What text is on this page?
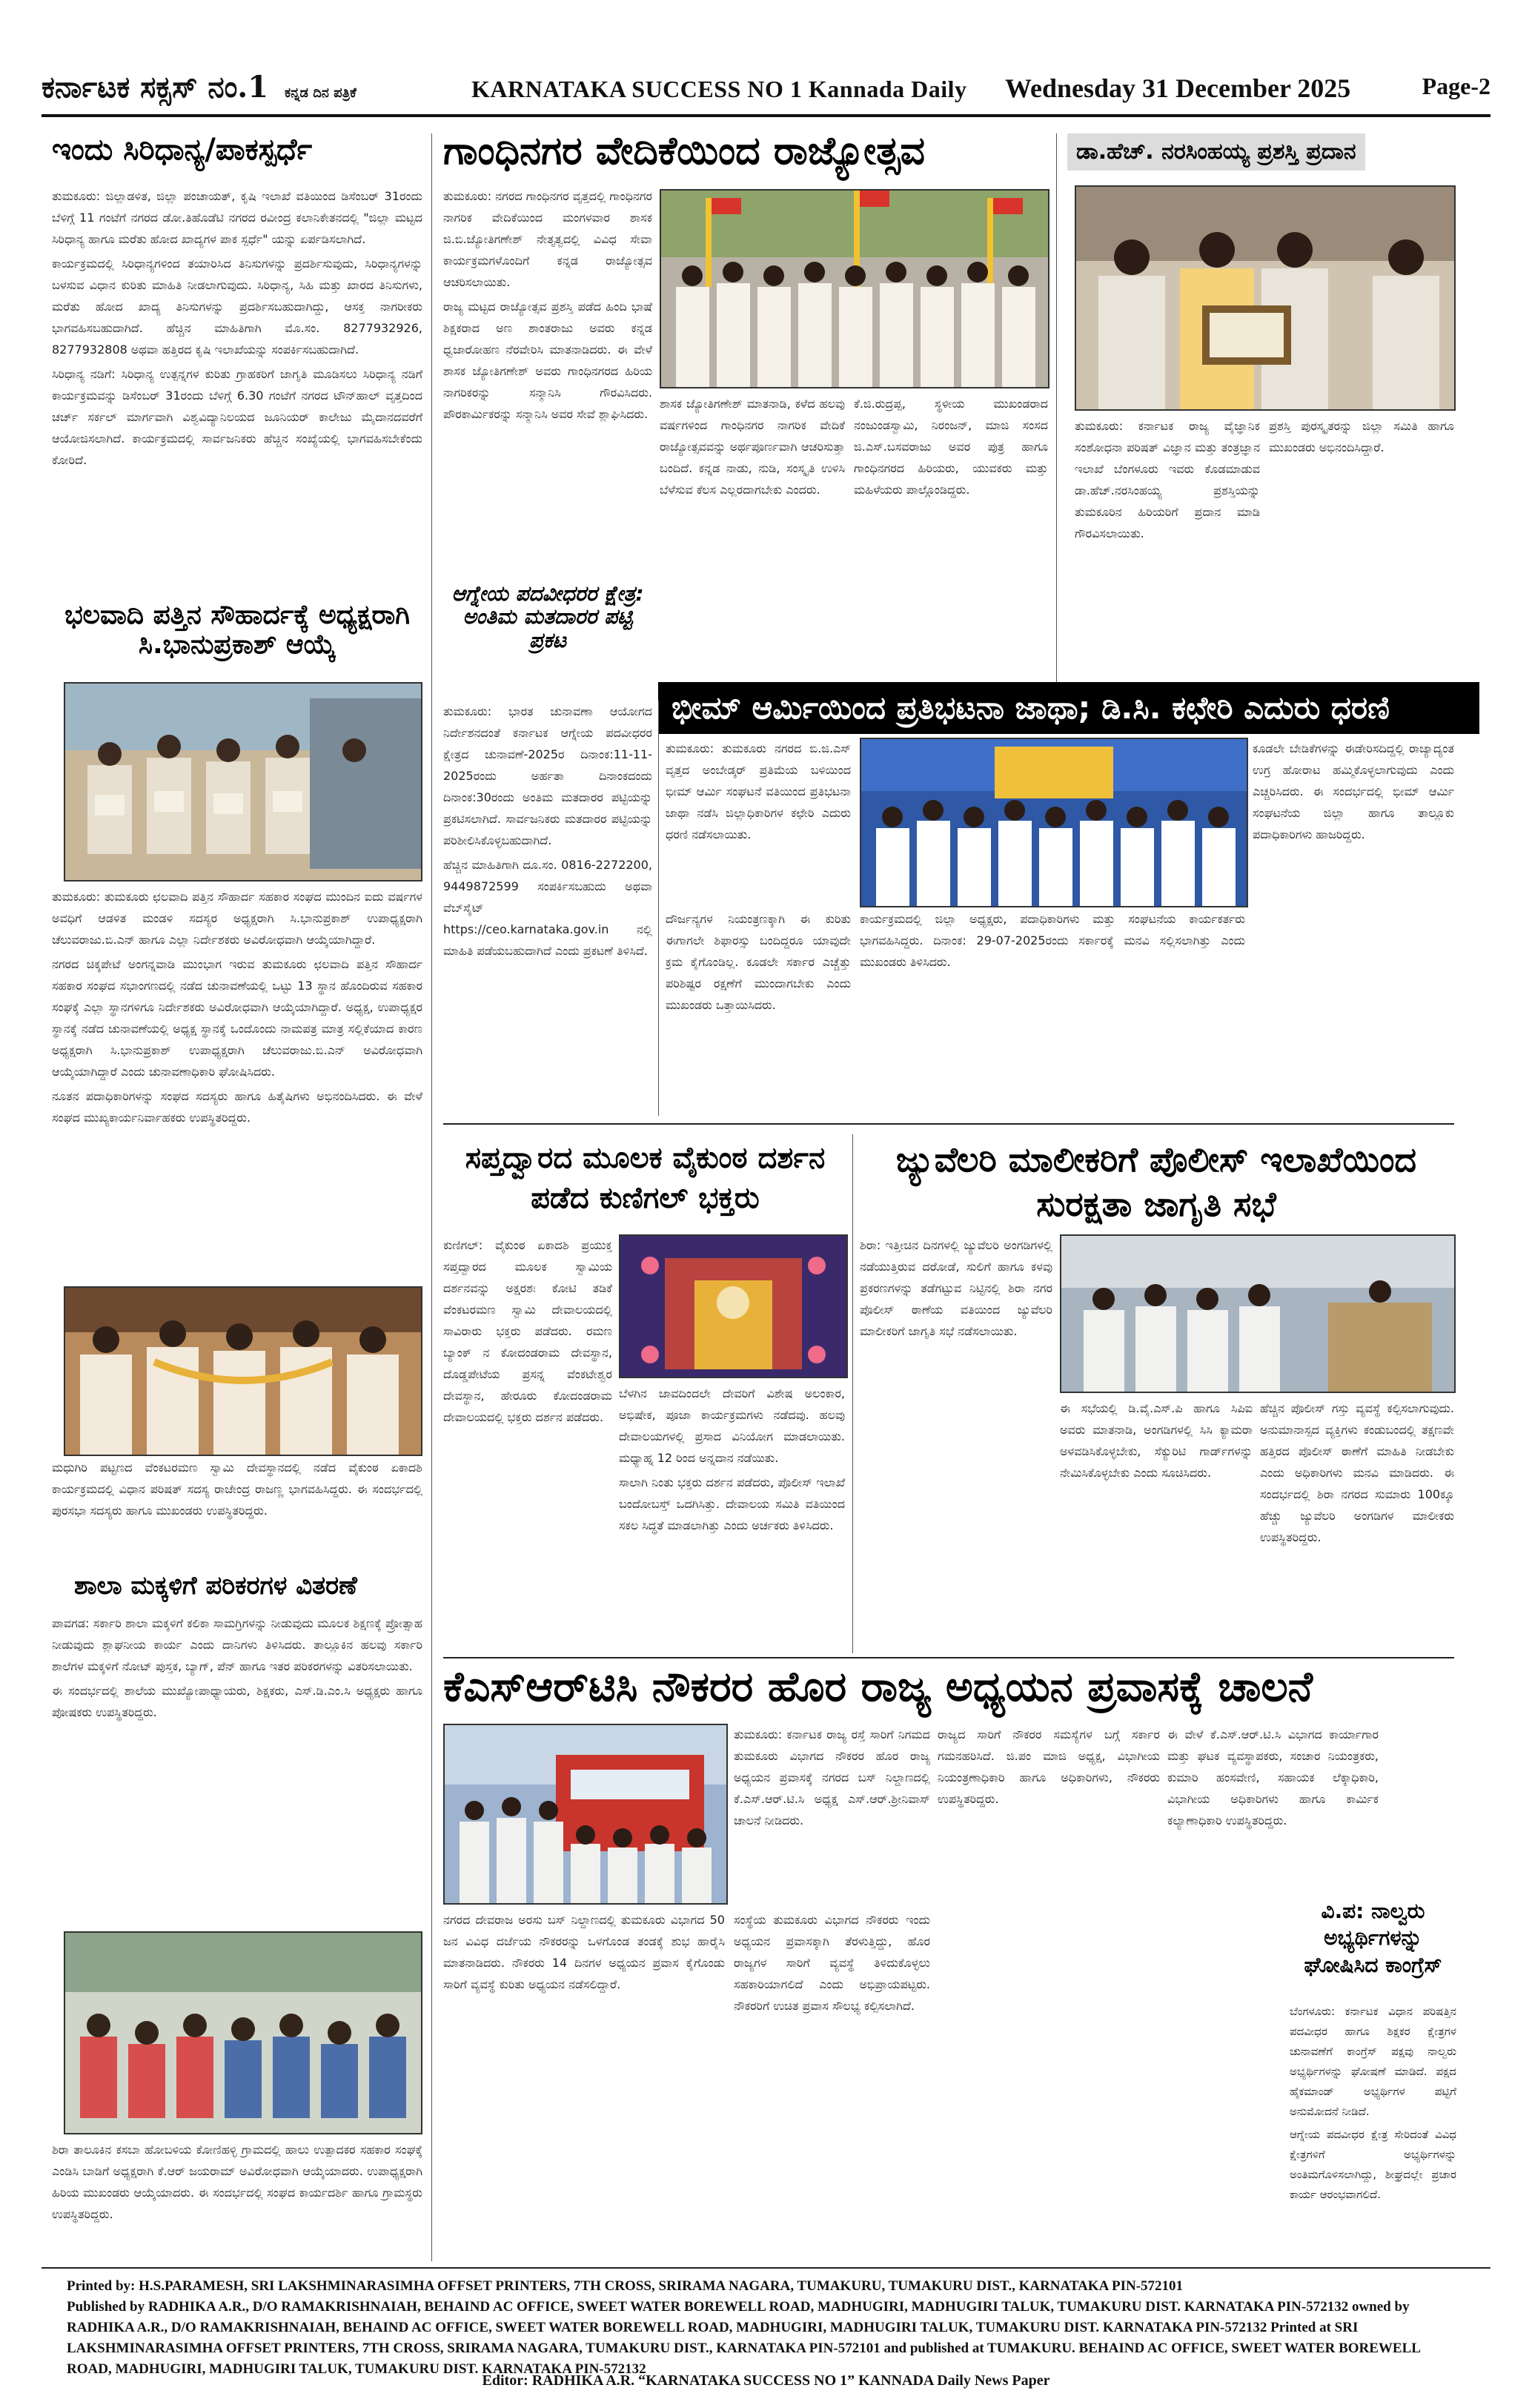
ಕರ್ನಾಟಕ ಸಕ್ಸಸ್ ನಂ.1 ಕನ್ನಡ ದಿನ ಪತ್ರಿಕೆ	KARNATAKA SUCCESS NO 1 Kannada Daily Wednesday 31 December 2025	Page-2
ಇಂದು ಸಿರಿಧಾನ್ಯ/ಪಾಕಸ್ಪರ್ಧೆ

ತುಮಕೂರು: ಜಿಲ್ಲಾಡಳಿತ, ಜಿಲ್ಲಾ ಪಂಚಾಯತ್, ಕೃಷಿ ಇಲಾಖೆ ವತಿಯಿಂದ ಡಿಸೆಂಬರ್ 31ರಂದು ಬೆಳಿಗ್ಗೆ 11 ಗಂಟೆಗೆ ನಗರದ ಡೋ.ತಿಹೊಡೆಟಿ ನಗರದ ರವೀಂದ್ರ ಕಲಾನಿಕೇತನದಲ್ಲಿ "ಜಿಲ್ಲಾ ಮಟ್ಟದ ಸಿರಿಧಾನ್ಯ ಹಾಗೂ ಮರೆತು ಹೋದ ಖಾದ್ಯಗಳ ಪಾಕ ಸ್ಪರ್ಧೆ" ಯನ್ನು ಏರ್ಪಡಿಸಲಾಗಿದೆ.

ಕಾರ್ಯಕ್ರಮದಲ್ಲಿ ಸಿರಿಧಾನ್ಯಗಳಿಂದ ತಯಾರಿಸಿದ ತಿನಿಸುಗಳನ್ನು ಪ್ರದರ್ಶಿಸುವುದು, ಸಿರಿಧಾನ್ಯಗಳನ್ನು ಬಳಸುವ ವಿಧಾನ ಕುರಿತು ಮಾಹಿತಿ ನೀಡಲಾಗುವುದು. ಸಿರಿಧಾನ್ಯ, ಸಿಹಿ ಮತ್ತು ಖಾರದ ತಿನಿಸುಗಳು, ಮರೆತು ಹೋದ ಖಾದ್ಯ ತಿನಿಸುಗಳನ್ನು ಪ್ರದರ್ಶಿಸಬಹುದಾಗಿದ್ದು, ಆಸಕ್ತ ನಾಗರೀಕರು ಭಾಗವಹಿಸಬಹುದಾಗಿದೆ. ಹೆಚ್ಚಿನ ಮಾಹಿತಿಗಾಗಿ ಮೊ.ಸಂ. 8277932926, 8277932808 ಅಥವಾ ಹತ್ತಿರದ ಕೃಷಿ ಇಲಾಖೆಯನ್ನು ಸಂಪರ್ಕಿಸಬಹುದಾಗಿದೆ.

ಸಿರಿಧಾನ್ಯ ನಡಿಗೆ: ಸಿರಿಧಾನ್ಯ ಉತ್ಪನ್ನಗಳ ಕುರಿತು ಗ್ರಾಹಕರಿಗೆ ಜಾಗೃತಿ ಮೂಡಿಸಲು ಸಿರಿಧಾನ್ಯ ನಡಿಗೆ ಕಾರ್ಯಕ್ರಮವನ್ನು ಡಿಸೆಂಬರ್ 31ರಂದು ಬೆಳಿಗ್ಗೆ 6.30 ಗಂಟೆಗೆ ನಗರದ ಟೌನ್‌ಹಾಲ್ ವೃತ್ತದಿಂದ ಚರ್ಚ್ ಸರ್ಕಲ್ ಮಾರ್ಗವಾಗಿ ವಿಶ್ವವಿದ್ಯಾನಿಲಯದ ಜೂನಿಯರ್ ಕಾಲೇಜು ಮೈದಾನದವರೆಗೆ ಆಯೋಜಿಸಲಾಗಿದೆ. ಕಾರ್ಯಕ್ರಮದಲ್ಲಿ ಸಾರ್ವಜನಿಕರು ಹೆಚ್ಚಿನ ಸಂಖ್ಯೆಯಲ್ಲಿ ಭಾಗವಹಿಸಬೇಕೆಂದು ಕೋರಿದೆ.

ಭಲವಾದಿ ಪತ್ತಿನ ಸೌಹಾರ್ದಕ್ಕೆ ಅಧ್ಯಕ್ಷರಾಗಿ ಸಿ.ಭಾನುಪ್ರಕಾಶ್ ಆಯ್ಕೆ

ತುಮಕೂರು: ತುಮಕೂರು ಛಲವಾದಿ ಪತ್ತಿನ ಸೌಹಾರ್ದ ಸಹಕಾರ ಸಂಘದ ಮುಂದಿನ ಐದು ವರ್ಷಗಳ ಅವಧಿಗೆ ಆಡಳಿತ ಮಂಡಳಿ ಸದಸ್ಯರ ಅಧ್ಯಕ್ಷರಾಗಿ ಸಿ.ಭಾನುಪ್ರಕಾಶ್ ಉಪಾಧ್ಯಕ್ಷರಾಗಿ ಚೆಲುವರಾಜು.ಬಿ.ಎನ್ ಹಾಗೂ ಎಲ್ಲಾ ನಿರ್ದೇಶಕರು ಅವಿರೋಧವಾಗಿ ಆಯ್ಕೆಯಾಗಿದ್ದಾರೆ.

ನಗರದ ಚಿಕ್ಕಪೇಟೆ ಅಂಗನ್ನವಾಡಿ ಮುಂಭಾಗ ಇರುವ ತುಮಕೂರು ಛಲವಾದಿ ಪತ್ತಿನ ಸೌಹಾರ್ದ ಸಹಕಾರ ಸಂಘದ ಸಭಾಂಗಣದಲ್ಲಿ ನಡೆದ ಚುನಾವಣೆಯಲ್ಲಿ ಒಟ್ಟು 13 ಸ್ಥಾನ ಹೊಂದಿರುವ ಸಹಕಾರ ಸಂಘಕ್ಕೆ ಎಲ್ಲಾ ಸ್ಥಾನಗಳಿಗೂ ನಿರ್ದೇಶಕರು ಅವಿರೋಧವಾಗಿ ಆಯ್ಕೆಯಾಗಿದ್ದಾರೆ. ಅಧ್ಯಕ್ಷ, ಉಪಾಧ್ಯಕ್ಷರ ಸ್ಥಾನಕ್ಕೆ ನಡೆದ ಚುನಾವಣೆಯಲ್ಲಿ ಅಧ್ಯಕ್ಷ ಸ್ಥಾನಕ್ಕೆ ಒಂದೊಂದು ನಾಮಪತ್ರ ಮಾತ್ರ ಸಲ್ಲಿಕೆಯಾದ ಕಾರಣ ಅಧ್ಯಕ್ಷರಾಗಿ ಸಿ.ಭಾನುಪ್ರಕಾಶ್ ಉಪಾಧ್ಯಕ್ಷರಾಗಿ ಚೆಲುವರಾಜು.ಬಿ.ಎನ್ ಅವಿರೋಧವಾಗಿ ಆಯ್ಕೆಯಾಗಿದ್ದಾರೆ ಎಂದು ಚುನಾವಣಾಧಿಕಾರಿ ಘೋಷಿಸಿದರು.

ನೂತನ ಪದಾಧಿಕಾರಿಗಳನ್ನು ಸಂಘದ ಸದಸ್ಯರು ಹಾಗೂ ಹಿತೈಷಿಗಳು ಅಭಿನಂದಿಸಿದರು. ಈ ವೇಳೆ ಸಂಘದ ಮುಖ್ಯಕಾರ್ಯನಿರ್ವಾಹಕರು ಉಪಸ್ಥಿತರಿದ್ದರು.

ಮಧುಗಿರಿ ಪಟ್ಟಣದ ವೆಂಕಟರಮಣ ಸ್ವಾಮಿ ದೇವಸ್ಥಾನದಲ್ಲಿ ನಡೆದ ವೈಕುಂಠ ಏಕಾದಶಿ ಕಾರ್ಯಕ್ರಮದಲ್ಲಿ ವಿಧಾನ ಪರಿಷತ್ ಸದಸ್ಯ ರಾಜೇಂದ್ರ ರಾಜಣ್ಣ ಭಾಗವಹಿಸಿದ್ದರು. ಈ ಸಂದರ್ಭದಲ್ಲಿ ಪುರಸಭಾ ಸದಸ್ಯರು ಹಾಗೂ ಮುಖಂಡರು ಉಪಸ್ಥಿತರಿದ್ದರು.

ಶಾಲಾ ಮಕ್ಕಳಿಗೆ ಪರಿಕರಗಳ ವಿತರಣೆ

ಪಾವಗಡ: ಸರ್ಕಾರಿ ಶಾಲಾ ಮಕ್ಕಳಿಗೆ ಕಲಿಕಾ ಸಾಮಗ್ರಿಗಳನ್ನು ನೀಡುವುದು ಮೂಲಕ ಶಿಕ್ಷಣಕ್ಕೆ ಪ್ರೋತ್ಸಾಹ ನೀಡುವುದು ಶ್ಲಾಘನೀಯ ಕಾರ್ಯ ಎಂದು ದಾನಿಗಳು ತಿಳಿಸಿದರು. ತಾಲ್ಲೂಕಿನ ಹಲವು ಸರ್ಕಾರಿ ಶಾಲೆಗಳ ಮಕ್ಕಳಿಗೆ ನೋಟ್ ಪುಸ್ತಕ, ಬ್ಯಾಗ್, ಪೆನ್ ಹಾಗೂ ಇತರ ಪರಿಕರಗಳನ್ನು ವಿತರಿಸಲಾಯಿತು.

ಈ ಸಂದರ್ಭದಲ್ಲಿ ಶಾಲೆಯ ಮುಖ್ಯೋಪಾಧ್ಯಾಯರು, ಶಿಕ್ಷಕರು, ಎಸ್.ಡಿ.ಎಂ.ಸಿ ಅಧ್ಯಕ್ಷರು ಹಾಗೂ ಪೋಷಕರು ಉಪಸ್ಥಿತರಿದ್ದರು.

ಶಿರಾ ತಾಲೂಕಿನ ಕಸಬಾ ಹೋಬಳಿಯ ಕೋಣಿಹಳ್ಳಿ ಗ್ರಾಮದಲ್ಲಿ ಹಾಲು ಉತ್ಪಾದಕರ ಸಹಕಾರ ಸಂಘಕ್ಕೆ ಎಂಡಿಸಿ ಬಾಡಿಗೆ ಅಧ್ಯಕ್ಷರಾಗಿ ಕೆ.ಆರ್ ಜಯರಾಮ್ ಅವಿರೋಧವಾಗಿ ಆಯ್ಕೆಯಾದರು. ಉಪಾಧ್ಯಕ್ಷರಾಗಿ ಹಿರಿಯ ಮುಖಂಡರು ಆಯ್ಕೆಯಾದರು. ಈ ಸಂದರ್ಭದಲ್ಲಿ ಸಂಘದ ಕಾರ್ಯದರ್ಶಿ ಹಾಗೂ ಗ್ರಾಮಸ್ಥರು ಉಪಸ್ಥಿತರಿದ್ದರು.

ಗಾಂಧಿನಗರ ವೇದಿಕೆಯಿಂದ ರಾಜ್ಯೋತ್ಸವ

ತುಮಕೂರು: ನಗರದ ಗಾಂಧಿನಗರ ವೃತ್ತದಲ್ಲಿ ಗಾಂಧಿನಗರ ನಾಗರಿಕ ವೇದಿಕೆಯಿಂದ ಮಂಗಳವಾರ ಶಾಸಕ ಜಿ.ಬಿ.ಜ್ಯೋತಿಗಣೇಶ್ ನೇತೃತ್ವದಲ್ಲಿ ವಿವಿಧ ಸೇವಾ ಕಾರ್ಯಕ್ರಮಗಳೊಂದಿಗೆ ಕನ್ನಡ ರಾಜ್ಯೋತ್ಸವ ಆಚರಿಸಲಾಯಿತು.

ರಾಜ್ಯ ಮಟ್ಟದ ರಾಜ್ಯೋತ್ಸವ ಪ್ರಶಸ್ತಿ ಪಡೆದ ಹಿಂದಿ ಭಾಷೆ ಶಿಕ್ಷಕರಾದ ಅಣ ಶಾಂತರಾಜು ಅವರು ಕನ್ನಡ ಧ್ವಜಾರೋಹಣ ನೆರವೇರಿಸಿ ಮಾತನಾಡಿದರು. ಈ ವೇಳೆ ಶಾಸಕ ಜ್ಯೋತಿಗಣೇಶ್ ಅವರು ಗಾಂಧಿನಗರದ ಹಿರಿಯ ನಾಗರಿಕರನ್ನು ಸನ್ಮಾನಿಸಿ ಗೌರವಿಸಿದರು. ಪೌರಕಾರ್ಮಿಕರನ್ನು ಸನ್ಮಾನಿಸಿ ಅವರ ಸೇವೆ ಶ್ಲಾಘಿಸಿದರು.

ಶಾಸಕ ಜ್ಯೋತಿಗಣೇಶ್ ಮಾತನಾಡಿ, ಕಳೆದ ಹಲವು ವರ್ಷಗಳಿಂದ ಗಾಂಧಿನಗರ ನಾಗರಿಕ ವೇದಿಕೆ ರಾಜ್ಯೋತ್ಸವವನ್ನು ಅರ್ಥಪೂರ್ಣವಾಗಿ ಆಚರಿಸುತ್ತಾ ಬಂದಿದೆ. ಕನ್ನಡ ನಾಡು, ನುಡಿ, ಸಂಸ್ಕೃತಿ ಉಳಿಸಿ ಬೆಳೆಸುವ ಕೆಲಸ ಎಲ್ಲರದಾಗಬೇಕು ಎಂದರು.

ಕೆ.ಜಿ.ರುದ್ರಪ್ಪ, ಸ್ಥಳೀಯ ಮುಖಂಡರಾದ ನಂಜುಂಡಸ್ವಾಮಿ, ನಿರಂಜನ್, ಮಾಜಿ ಸಂಸದ ಜಿ.ಎಸ್.ಬಸವರಾಜು ಅವರ ಪುತ್ರ ಹಾಗೂ ಗಾಂಧಿನಗರದ ಹಿರಿಯರು, ಯುವಕರು ಮತ್ತು ಮಹಿಳೆಯರು ಪಾಲ್ಗೊಂಡಿದ್ದರು.

ಆಗ್ನೇಯ ಪದವೀಧರರ ಕ್ಷೇತ್ರ: ಅಂತಿಮ ಮತದಾರರ ಪಟ್ಟಿ ಪ್ರಕಟ

ತುಮಕೂರು: ಭಾರತ ಚುನಾವಣಾ ಆಯೋಗದ ನಿರ್ದೇಶನದಂತೆ ಕರ್ನಾಟಕ ಆಗ್ನೇಯ ಪದವೀಧರರ ಕ್ಷೇತ್ರದ ಚುನಾವಣೆ-2025ರ ದಿನಾಂಕ:11-11-2025ರಂದು ಅರ್ಹತಾ ದಿನಾಂಕದಂದು ದಿನಾಂಕ:30ರಂದು ಅಂತಿಮ ಮತದಾರರ ಪಟ್ಟಿಯನ್ನು ಪ್ರಕಟಿಸಲಾಗಿದೆ. ಸಾರ್ವಜನಿಕರು ಮತದಾರರ ಪಟ್ಟಿಯನ್ನು ಪರಿಶೀಲಿಸಿಕೊಳ್ಳಬಹುದಾಗಿದೆ.

ಹೆಚ್ಚಿನ ಮಾಹಿತಿಗಾಗಿ ದೂ.ಸಂ. 0816-2272200, 9449872599 ಸಂಪರ್ಕಿಸಬಹುದು ಅಥವಾ ವೆಬ್‌ಸೈಟ್ https://ceo.karnataka.gov.in ನಲ್ಲಿ ಮಾಹಿತಿ ಪಡೆಯಬಹುದಾಗಿದೆ ಎಂದು ಪ್ರಕಟಣೆ ತಿಳಿಸಿದೆ.

ಡಾ.ಹೆಚ್. ನರಸಿಂಹಯ್ಯ ಪ್ರಶಸ್ತಿ ಪ್ರದಾನ

ತುಮಕೂರು: ಕರ್ನಾಟಕ ರಾಜ್ಯ ವೈಜ್ಞಾನಿಕ ಸಂಶೋಧನಾ ಪರಿಷತ್ ವಿಜ್ಞಾನ ಮತ್ತು ತಂತ್ರಜ್ಞಾನ ಇಲಾಖೆ ಬೆಂಗಳೂರು ಇವರು ಕೊಡಮಾಡುವ ಡಾ.ಹೆಚ್.ನರಸಿಂಹಯ್ಯ ಪ್ರಶಸ್ತಿಯನ್ನು ತುಮಕೂರಿನ ಹಿರಿಯರಿಗೆ ಪ್ರದಾನ ಮಾಡಿ ಗೌರವಿಸಲಾಯಿತು.

ಪ್ರಶಸ್ತಿ ಪುರಸ್ಕೃತರನ್ನು ಜಿಲ್ಲಾ ಸಮಿತಿ ಹಾಗೂ ಮುಖಂಡರು ಅಭಿನಂದಿಸಿದ್ದಾರೆ.

ಭೀಮ್ ಆರ್ಮಿಯಿಂದ ಪ್ರತಿಭಟನಾ ಜಾಥಾ; ಡಿ.ಸಿ. ಕಛೇರಿ ಎದುರು ಧರಣಿ

ತುಮಕೂರು: ತುಮಕೂರು ನಗರದ ಬಿ.ಜಿ.ಎಸ್ ವೃತ್ತದ ಅಂಬೇಡ್ಕರ್ ಪ್ರತಿಮೆಯ ಬಳಿಯಿಂದ ಭೀಮ್ ಆರ್ಮಿ ಸಂಘಟನೆ ವತಿಯಿಂದ ಪ್ರತಿಭಟನಾ ಜಾಥಾ ನಡೆಸಿ ಜಿಲ್ಲಾಧಿಕಾರಿಗಳ ಕಛೇರಿ ಎದುರು ಧರಣಿ ನಡೆಸಲಾಯಿತು.

ಕೂಡಲೇ ಬೇಡಿಕೆಗಳನ್ನು ಈಡೇರಿಸದಿದ್ದಲ್ಲಿ ರಾಜ್ಯಾದ್ಯಂತ ಉಗ್ರ ಹೋರಾಟ ಹಮ್ಮಿಕೊಳ್ಳಲಾಗುವುದು ಎಂದು ಎಚ್ಚರಿಸಿದರು. ಈ ಸಂದರ್ಭದಲ್ಲಿ ಭೀಮ್ ಆರ್ಮಿ ಸಂಘಟನೆಯ ಜಿಲ್ಲಾ ಹಾಗೂ ತಾಲ್ಲೂಕು ಪದಾಧಿಕಾರಿಗಳು ಹಾಜರಿದ್ದರು.

ದೌರ್ಜನ್ಯಗಳ ನಿಯಂತ್ರಣಕ್ಕಾಗಿ ಈ ಕುರಿತು ಈಗಾಗಲೇ ಶಿಫಾರಸ್ಸು ಬಂದಿದ್ದರೂ ಯಾವುದೇ ಕ್ರಮ ಕೈಗೊಂಡಿಲ್ಲ. ಕೂಡಲೇ ಸರ್ಕಾರ ಎಚ್ಚೆತ್ತು ಪರಿಶಿಷ್ಟರ ರಕ್ಷಣೆಗೆ ಮುಂದಾಗಬೇಕು ಎಂದು ಮುಖಂಡರು ಒತ್ತಾಯಿಸಿದರು.

ಕಾರ್ಯಕ್ರಮದಲ್ಲಿ ಜಿಲ್ಲಾ ಅಧ್ಯಕ್ಷರು, ಪದಾಧಿಕಾರಿಗಳು ಮತ್ತು ಸಂಘಟನೆಯ ಕಾರ್ಯಕರ್ತರು ಭಾಗವಹಿಸಿದ್ದರು. ದಿನಾಂಕ: 29-07-2025ರಂದು ಸರ್ಕಾರಕ್ಕೆ ಮನವಿ ಸಲ್ಲಿಸಲಾಗಿತ್ತು ಎಂದು ಮುಖಂಡರು ತಿಳಿಸಿದರು.

ಸಪ್ತದ್ವಾರದ ಮೂಲಕ ವೈಕುಂಠ ದರ್ಶನ ಪಡೆದ ಕುಣಿಗಲ್ ಭಕ್ತರು

ಕುಣಿಗಲ್: ವೈಕುಂಠ ಏಕಾದಶಿ ಪ್ರಯುಕ್ತ ಸಪ್ತದ್ವಾರದ ಮೂಲಕ ಸ್ವಾಮಿಯ ದರ್ಶನವನ್ನು ಅಕ್ಷರಶಃ ಕೋಟಿ ತಡಿಕೆ ವೆಂಕಟರಮಣ ಸ್ವಾಮಿ ದೇವಾಲಯದಲ್ಲಿ ಸಾವಿರಾರು ಭಕ್ತರು ಪಡೆದರು. ರಮಣ ಬ್ಯಾಂಕ್ ನ ಕೋದಂಡರಾಮ ದೇವಸ್ಥಾನ, ದೊಡ್ಡಪೇಟೆಯ ಪ್ರಸನ್ನ ವೆಂಕಟೇಶ್ವರ ದೇವಸ್ಥಾನ, ಹೇರೂರು ಕೋದಂಡರಾಮ ದೇವಾಲಯದಲ್ಲಿ ಭಕ್ತರು ದರ್ಶನ ಪಡೆದರು.

ಬೆಳಗಿನ ಜಾವದಿಂದಲೇ ದೇವರಿಗೆ ವಿಶೇಷ ಅಲಂಕಾರ, ಅಭಿಷೇಕ, ಪೂಜಾ ಕಾರ್ಯಕ್ರಮಗಳು ನಡೆದವು. ಹಲವು ದೇವಾಲಯಗಳಲ್ಲಿ ಪ್ರಸಾದ ವಿನಿಯೋಗ ಮಾಡಲಾಯಿತು. ಮಧ್ಯಾಹ್ನ 12 ರಿಂದ ಅನ್ನದಾನ ನಡೆಯಿತು.

ಸಾಲಾಗಿ ನಿಂತು ಭಕ್ತರು ದರ್ಶನ ಪಡೆದರು, ಪೊಲೀಸ್ ಇಲಾಖೆ ಬಂದೋಬಸ್ತ್ ಒದಗಿಸಿತ್ತು. ದೇವಾಲಯ ಸಮಿತಿ ವತಿಯಿಂದ ಸಕಲ ಸಿದ್ಧತೆ ಮಾಡಲಾಗಿತ್ತು ಎಂದು ಅರ್ಚಕರು ತಿಳಿಸಿದರು.

ಜ್ಯುವೆಲರಿ ಮಾಲೀಕರಿಗೆ ಪೊಲೀಸ್ ಇಲಾಖೆಯಿಂದ ಸುರಕ್ಷತಾ ಜಾಗೃತಿ ಸಭೆ

ಶಿರಾ: ಇತ್ತೀಚಿನ ದಿನಗಳಲ್ಲಿ ಜ್ಯುವೆಲರಿ ಅಂಗಡಿಗಳಲ್ಲಿ ನಡೆಯುತ್ತಿರುವ ದರೋಡೆ, ಸುಲಿಗೆ ಹಾಗೂ ಕಳವು ಪ್ರಕರಣಗಳನ್ನು ತಡೆಗಟ್ಟುವ ನಿಟ್ಟಿನಲ್ಲಿ ಶಿರಾ ನಗರ ಪೊಲೀಸ್ ಠಾಣೆಯ ವತಿಯಿಂದ ಜ್ಯುವೆಲರಿ ಮಾಲೀಕರಿಗೆ ಜಾಗೃತಿ ಸಭೆ ನಡೆಸಲಾಯಿತು.

ಈ ಸಭೆಯಲ್ಲಿ ಡಿ.ವೈ.ಎಸ್.ಪಿ ಹಾಗೂ ಸಿಪಿಐ ಅವರು ಮಾತನಾಡಿ, ಅಂಗಡಿಗಳಲ್ಲಿ ಸಿಸಿ ಕ್ಯಾಮರಾ ಅಳವಡಿಸಿಕೊಳ್ಳಬೇಕು, ಸೆಕ್ಯುರಿಟಿ ಗಾರ್ಡ್‌ಗಳನ್ನು ನೇಮಿಸಿಕೊಳ್ಳಬೇಕು ಎಂದು ಸೂಚಿಸಿದರು.

ಹೆಚ್ಚಿನ ಪೊಲೀಸ್ ಗಸ್ತು ವ್ಯವಸ್ಥೆ ಕಲ್ಪಿಸಲಾಗುವುದು. ಅನುಮಾನಾಸ್ಪದ ವ್ಯಕ್ತಿಗಳು ಕಂಡುಬಂದಲ್ಲಿ ತಕ್ಷಣವೇ ಹತ್ತಿರದ ಪೊಲೀಸ್ ಠಾಣೆಗೆ ಮಾಹಿತಿ ನೀಡಬೇಕು ಎಂದು ಅಧಿಕಾರಿಗಳು ಮನವಿ ಮಾಡಿದರು. ಈ ಸಂದರ್ಭದಲ್ಲಿ ಶಿರಾ ನಗರದ ಸುಮಾರು 100ಕ್ಕೂ ಹೆಚ್ಚು ಜ್ಯುವೆಲರಿ ಅಂಗಡಿಗಳ ಮಾಲೀಕರು ಉಪಸ್ಥಿತರಿದ್ದರು.

ಕೆಎಸ್‌ಆರ್‌ಟಿಸಿ ನೌಕರರ ಹೊರ ರಾಜ್ಯ ಅಧ್ಯಯನ ಪ್ರವಾಸಕ್ಕೆ ಚಾಲನೆ

ತುಮಕೂರು: ಕರ್ನಾಟಕ ರಾಜ್ಯ ರಸ್ತೆ ಸಾರಿಗೆ ನಿಗಮದ ತುಮಕೂರು ವಿಭಾಗದ ನೌಕರರ ಹೊರ ರಾಜ್ಯ ಅಧ್ಯಯನ ಪ್ರವಾಸಕ್ಕೆ ನಗರದ ಬಸ್ ನಿಲ್ದಾಣದಲ್ಲಿ ಕೆ.ಎಸ್.ಆರ್.ಟಿ.ಸಿ ಅಧ್ಯಕ್ಷ ಎಸ್.ಆರ್.ಶ್ರೀನಿವಾಸ್ ಚಾಲನೆ ನೀಡಿದರು.

ನಗರದ ದೇವರಾಜ ಅರಸು ಬಸ್ ನಿಲ್ದಾಣದಲ್ಲಿ ತುಮಕೂರು ವಿಭಾಗದ 50 ಜನ ವಿವಿಧ ದರ್ಜೆಯ ನೌಕರರನ್ನು ಒಳಗೊಂಡ ತಂಡಕ್ಕೆ ಶುಭ ಹಾರೈಸಿ ಮಾತನಾಡಿದರು. ನೌಕರರು 14 ದಿನಗಳ ಅಧ್ಯಯನ ಪ್ರವಾಸ ಕೈಗೊಂಡು ಸಾರಿಗೆ ವ್ಯವಸ್ಥೆ ಕುರಿತು ಅಧ್ಯಯನ ನಡೆಸಲಿದ್ದಾರೆ.

ಸಂಸ್ಥೆಯ ತುಮಕೂರು ವಿಭಾಗದ ನೌಕರರು ಇಂದು ಅಧ್ಯಯನ ಪ್ರವಾಸಕ್ಕಾಗಿ ತೆರಳುತ್ತಿದ್ದು, ಹೊರ ರಾಜ್ಯಗಳ ಸಾರಿಗೆ ವ್ಯವಸ್ಥೆ ತಿಳಿದುಕೊಳ್ಳಲು ಸಹಕಾರಿಯಾಗಲಿದೆ ಎಂದು ಅಭಿಪ್ರಾಯಪಟ್ಟರು. ನೌಕರರಿಗೆ ಉಚಿತ ಪ್ರವಾಸ ಸೌಲಭ್ಯ ಕಲ್ಪಿಸಲಾಗಿದೆ.

ರಾಜ್ಯದ ಸಾರಿಗೆ ನೌಕರರ ಸಮಸ್ಯೆಗಳ ಬಗ್ಗೆ ಸರ್ಕಾರ ಗಮನಹರಿಸಿದೆ. ಜಿ.ಪಂ ಮಾಜಿ ಅಧ್ಯಕ್ಷ, ವಿಭಾಗೀಯ ನಿಯಂತ್ರಣಾಧಿಕಾರಿ ಹಾಗೂ ಅಧಿಕಾರಿಗಳು, ನೌಕರರು ಉಪಸ್ಥಿತರಿದ್ದರು.

ಈ ವೇಳೆ ಕೆ.ಎಸ್.ಆರ್.ಟಿ.ಸಿ ವಿಭಾಗದ ಕಾರ್ಯಾಗಾರ ಮತ್ತು ಘಟಕ ವ್ಯವಸ್ಥಾಪಕರು, ಸಂಚಾರ ನಿಯಂತ್ರಕರು, ಕುಮಾರಿ ಹಂಸವೇಣಿ, ಸಹಾಯಕ ಲೆಕ್ಕಾಧಿಕಾರಿ, ವಿಭಾಗೀಯ ಅಧಿಕಾರಿಗಳು ಹಾಗೂ ಕಾರ್ಮಿಕ ಕಲ್ಯಾಣಾಧಿಕಾರಿ ಉಪಸ್ಥಿತರಿದ್ದರು.

ವಿ.ಪ: ನಾಲ್ವರು ಅಭ್ಯರ್ಥಿಗಳನ್ನು ಘೋಷಿಸಿದ ಕಾಂಗ್ರೆಸ್

ಬೆಂಗಳೂರು: ಕರ್ನಾಟಕ ವಿಧಾನ ಪರಿಷತ್ತಿನ ಪದವೀಧರ ಹಾಗೂ ಶಿಕ್ಷಕರ ಕ್ಷೇತ್ರಗಳ ಚುನಾವಣೆಗೆ ಕಾಂಗ್ರೆಸ್ ಪಕ್ಷವು ನಾಲ್ವರು ಅಭ್ಯರ್ಥಿಗಳನ್ನು ಘೋಷಣೆ ಮಾಡಿದೆ. ಪಕ್ಷದ ಹೈಕಮಾಂಡ್ ಅಭ್ಯರ್ಥಿಗಳ ಪಟ್ಟಿಗೆ ಅನುಮೋದನೆ ನೀಡಿದೆ.

ಆಗ್ನೇಯ ಪದವೀಧರ ಕ್ಷೇತ್ರ ಸೇರಿದಂತೆ ವಿವಿಧ ಕ್ಷೇತ್ರಗಳಿಗೆ ಅಭ್ಯರ್ಥಿಗಳನ್ನು ಅಂತಿಮಗೊಳಿಸಲಾಗಿದ್ದು, ಶೀಘ್ರದಲ್ಲೇ ಪ್ರಚಾರ ಕಾರ್ಯ ಆರಂಭವಾಗಲಿದೆ.

Printed by: H.S.PARAMESH, SRI LAKSHMINARASIMHA OFFSET PRINTERS, 7TH CROSS, SRIRAMA NAGARA, TUMAKURU, TUMAKURU DIST., KARNATAKA PIN-572101
Published by RADHIKA A.R., D/O RAMAKRISHNAIAH, BEHAIND AC OFFICE, SWEET WATER BOREWELL ROAD, MADHUGIRI, MADHUGIRI TALUK, TUMAKURU DIST. KARNATAKA PIN-572132 owned by RADHIKA A.R., D/O RAMAKRISHNAIAH, BEHAIND AC OFFICE, SWEET WATER BOREWELL ROAD, MADHUGIRI, MADHUGIRI TALUK, TUMAKURU DIST. KARNATAKA PIN-572132 Printed at SRI LAKSHMINARASIMHA OFFSET PRINTERS, 7TH CROSS, SRIRAMA NAGARA, TUMAKURU DIST., KARNATAKA PIN-572101 and published at TUMAKURU. BEHAIND AC OFFICE, SWEET WATER BOREWELL ROAD, MADHUGIRI, MADHUGIRI TALUK, TUMAKURU DIST. KARNATAKA PIN-572132
Editor: RADHIKA A.R. “KARNATAKA SUCCESS NO 1” KANNADA Daily News Paper
